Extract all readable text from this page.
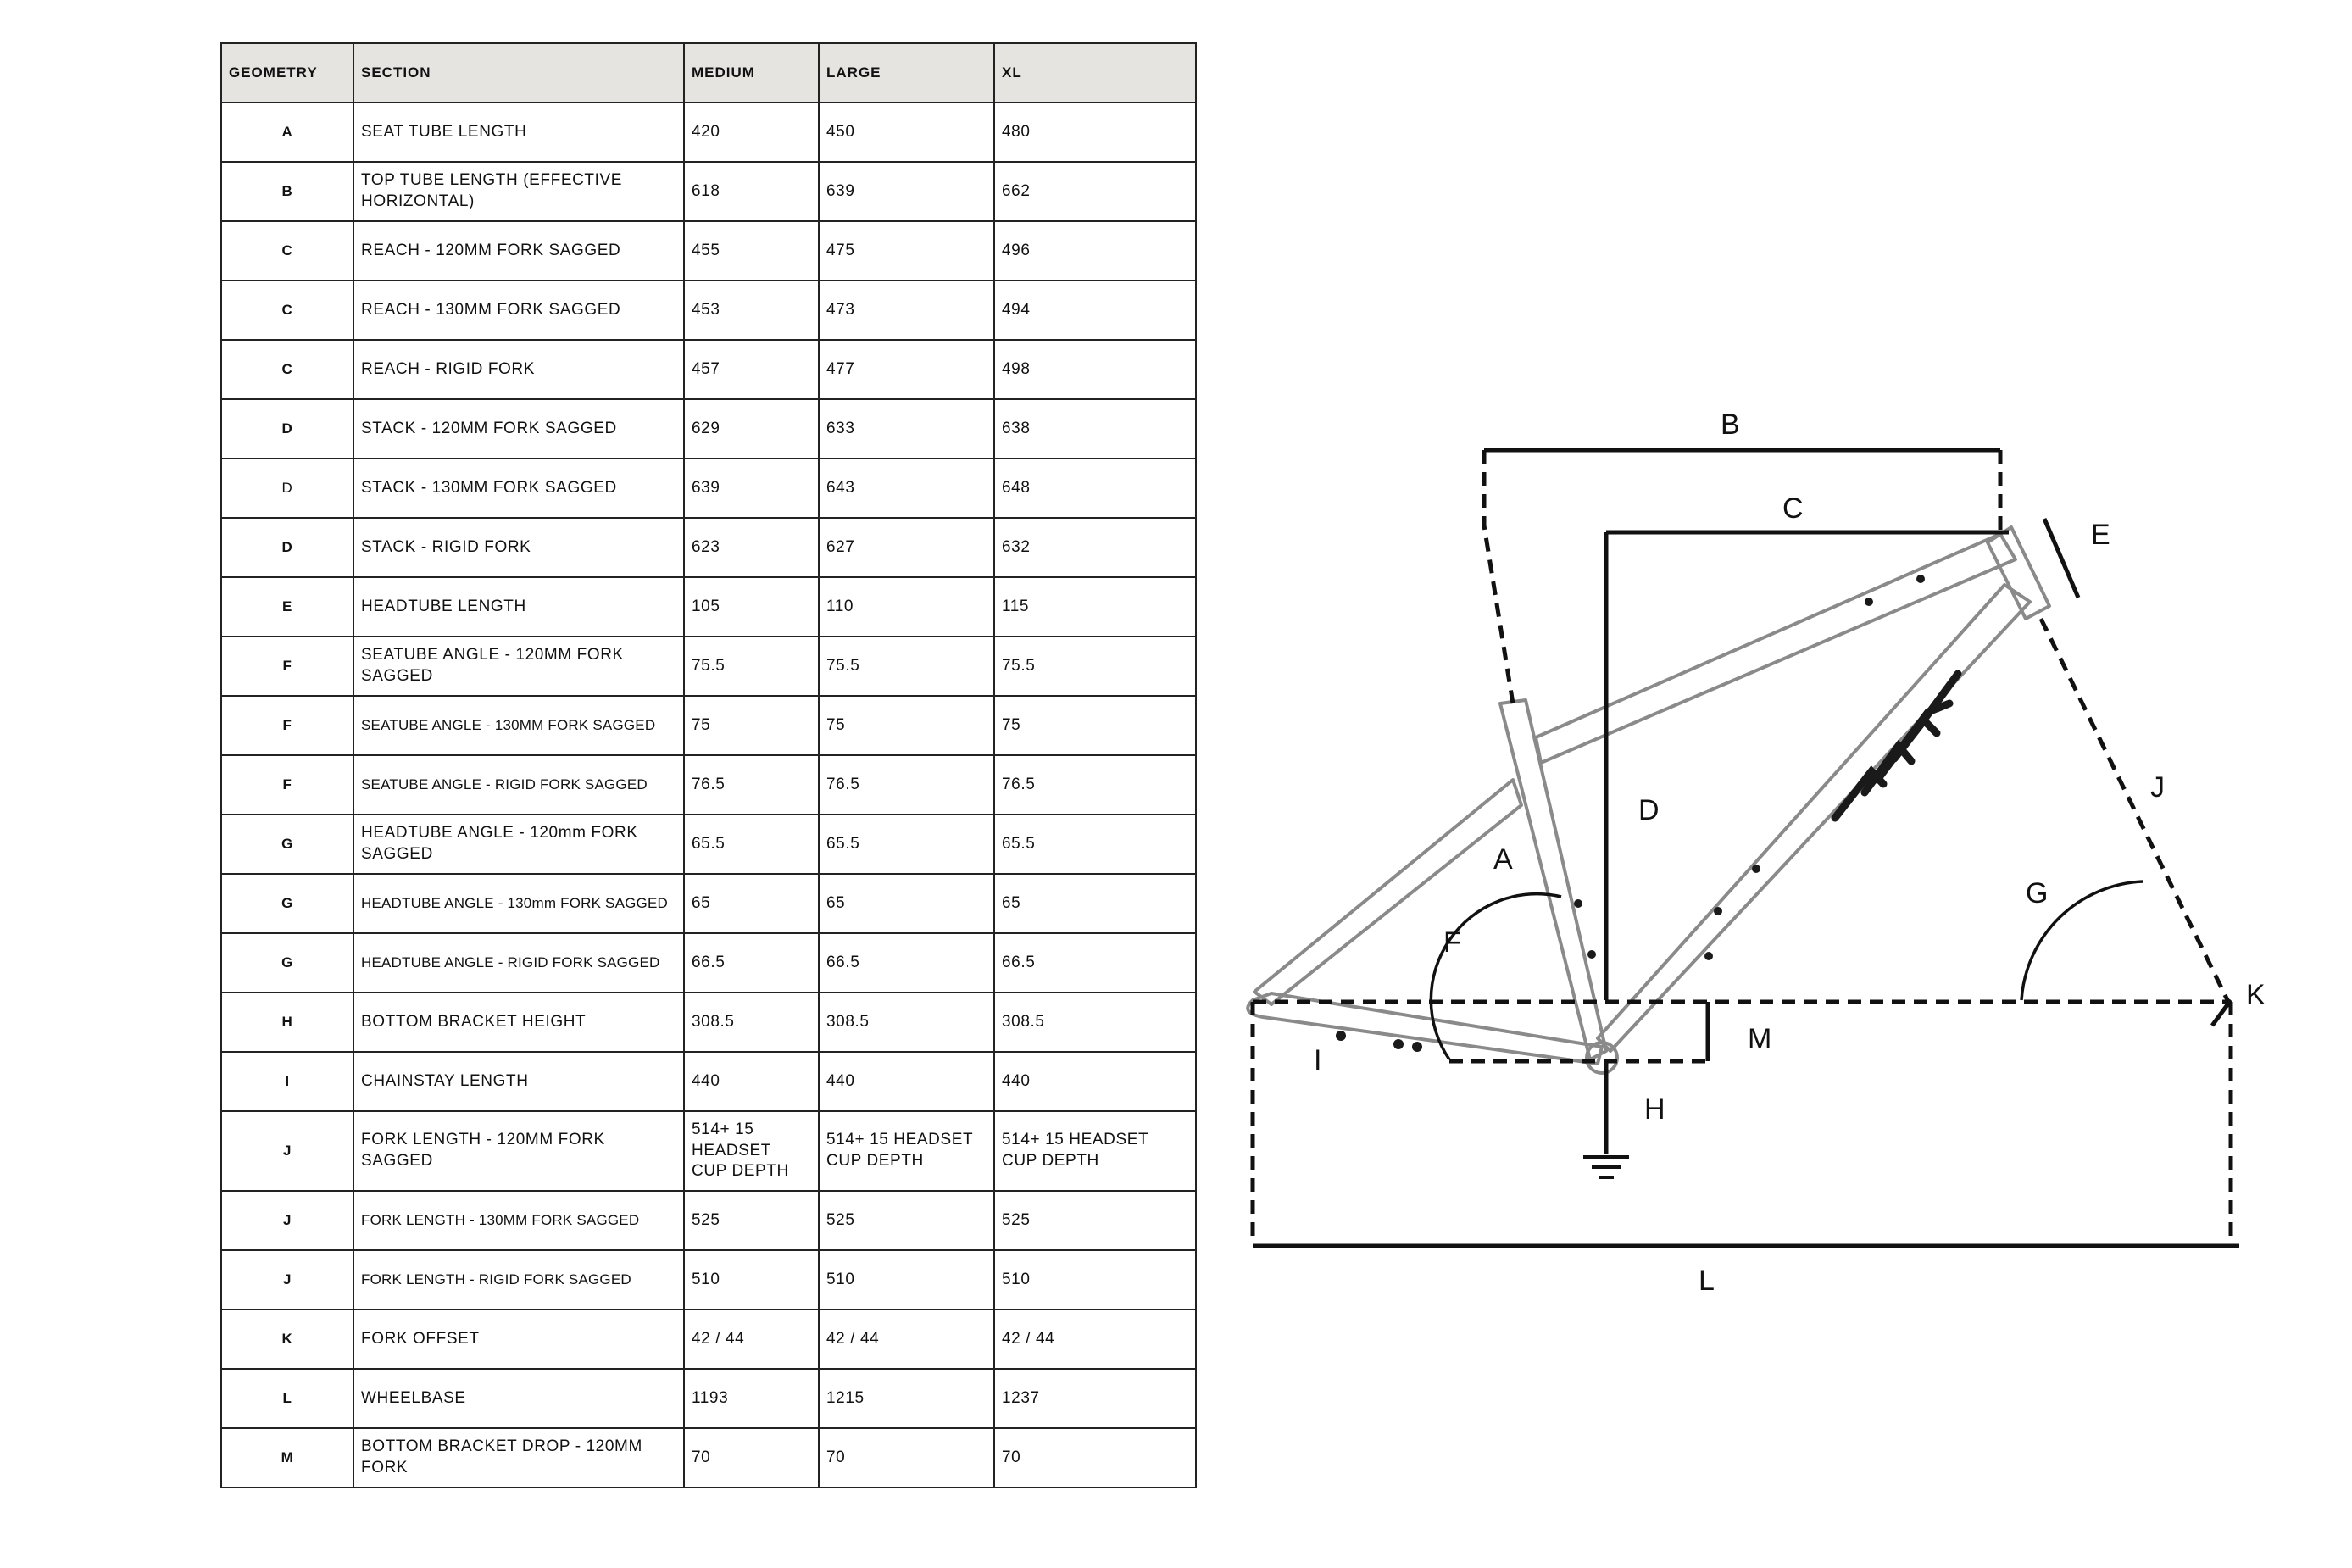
GEOMETRY	SECTION	MEDIUM	LARGE	XL
A	SEAT TUBE LENGTH	420	450	480
B	TOP TUBE LENGTH (EFFECTIVE HORIZONTAL)	618	639	662
C	REACH - 120MM FORK SAGGED	455	475	496
C	REACH - 130MM FORK SAGGED	453	473	494
C	REACH - RIGID FORK	457	477	498
D	STACK - 120MM FORK SAGGED	629	633	638
D	STACK - 130MM FORK SAGGED	639	643	648
D	STACK - RIGID FORK	623	627	632
E	HEADTUBE LENGTH	105	110	115
F	SEATUBE ANGLE - 120MM FORK SAGGED	75.5	75.5	75.5
F	SEATUBE ANGLE - 130MM FORK SAGGED	75	75	75
F	SEATUBE ANGLE - RIGID FORK SAGGED	76.5	76.5	76.5
G	HEADTUBE ANGLE - 120mm FORK SAGGED	65.5	65.5	65.5
G	HEADTUBE ANGLE - 130mm FORK SAGGED	65	65	65
G	HEADTUBE ANGLE - RIGID FORK SAGGED	66.5	66.5	66.5
H	BOTTOM BRACKET HEIGHT	308.5	308.5	308.5
I	CHAINSTAY LENGTH	440	440	440
J	FORK LENGTH - 120MM FORK SAGGED	514+ 15 HEADSET CUP DEPTH	514+ 15 HEADSET CUP DEPTH	514+ 15 HEADSET CUP DEPTH
J	FORK LENGTH - 130MM FORK SAGGED	525	525	525
J	FORK LENGTH - RIGID FORK SAGGED	510	510	510
K	FORK OFFSET	42 / 44	42 / 44	42 / 44
L	WHEELBASE	1193	1215	1237
M	BOTTOM BRACKET DROP - 120MM FORK	70	70	70
B
C
E
D
J
A
G
F
K
M
I
H
L
